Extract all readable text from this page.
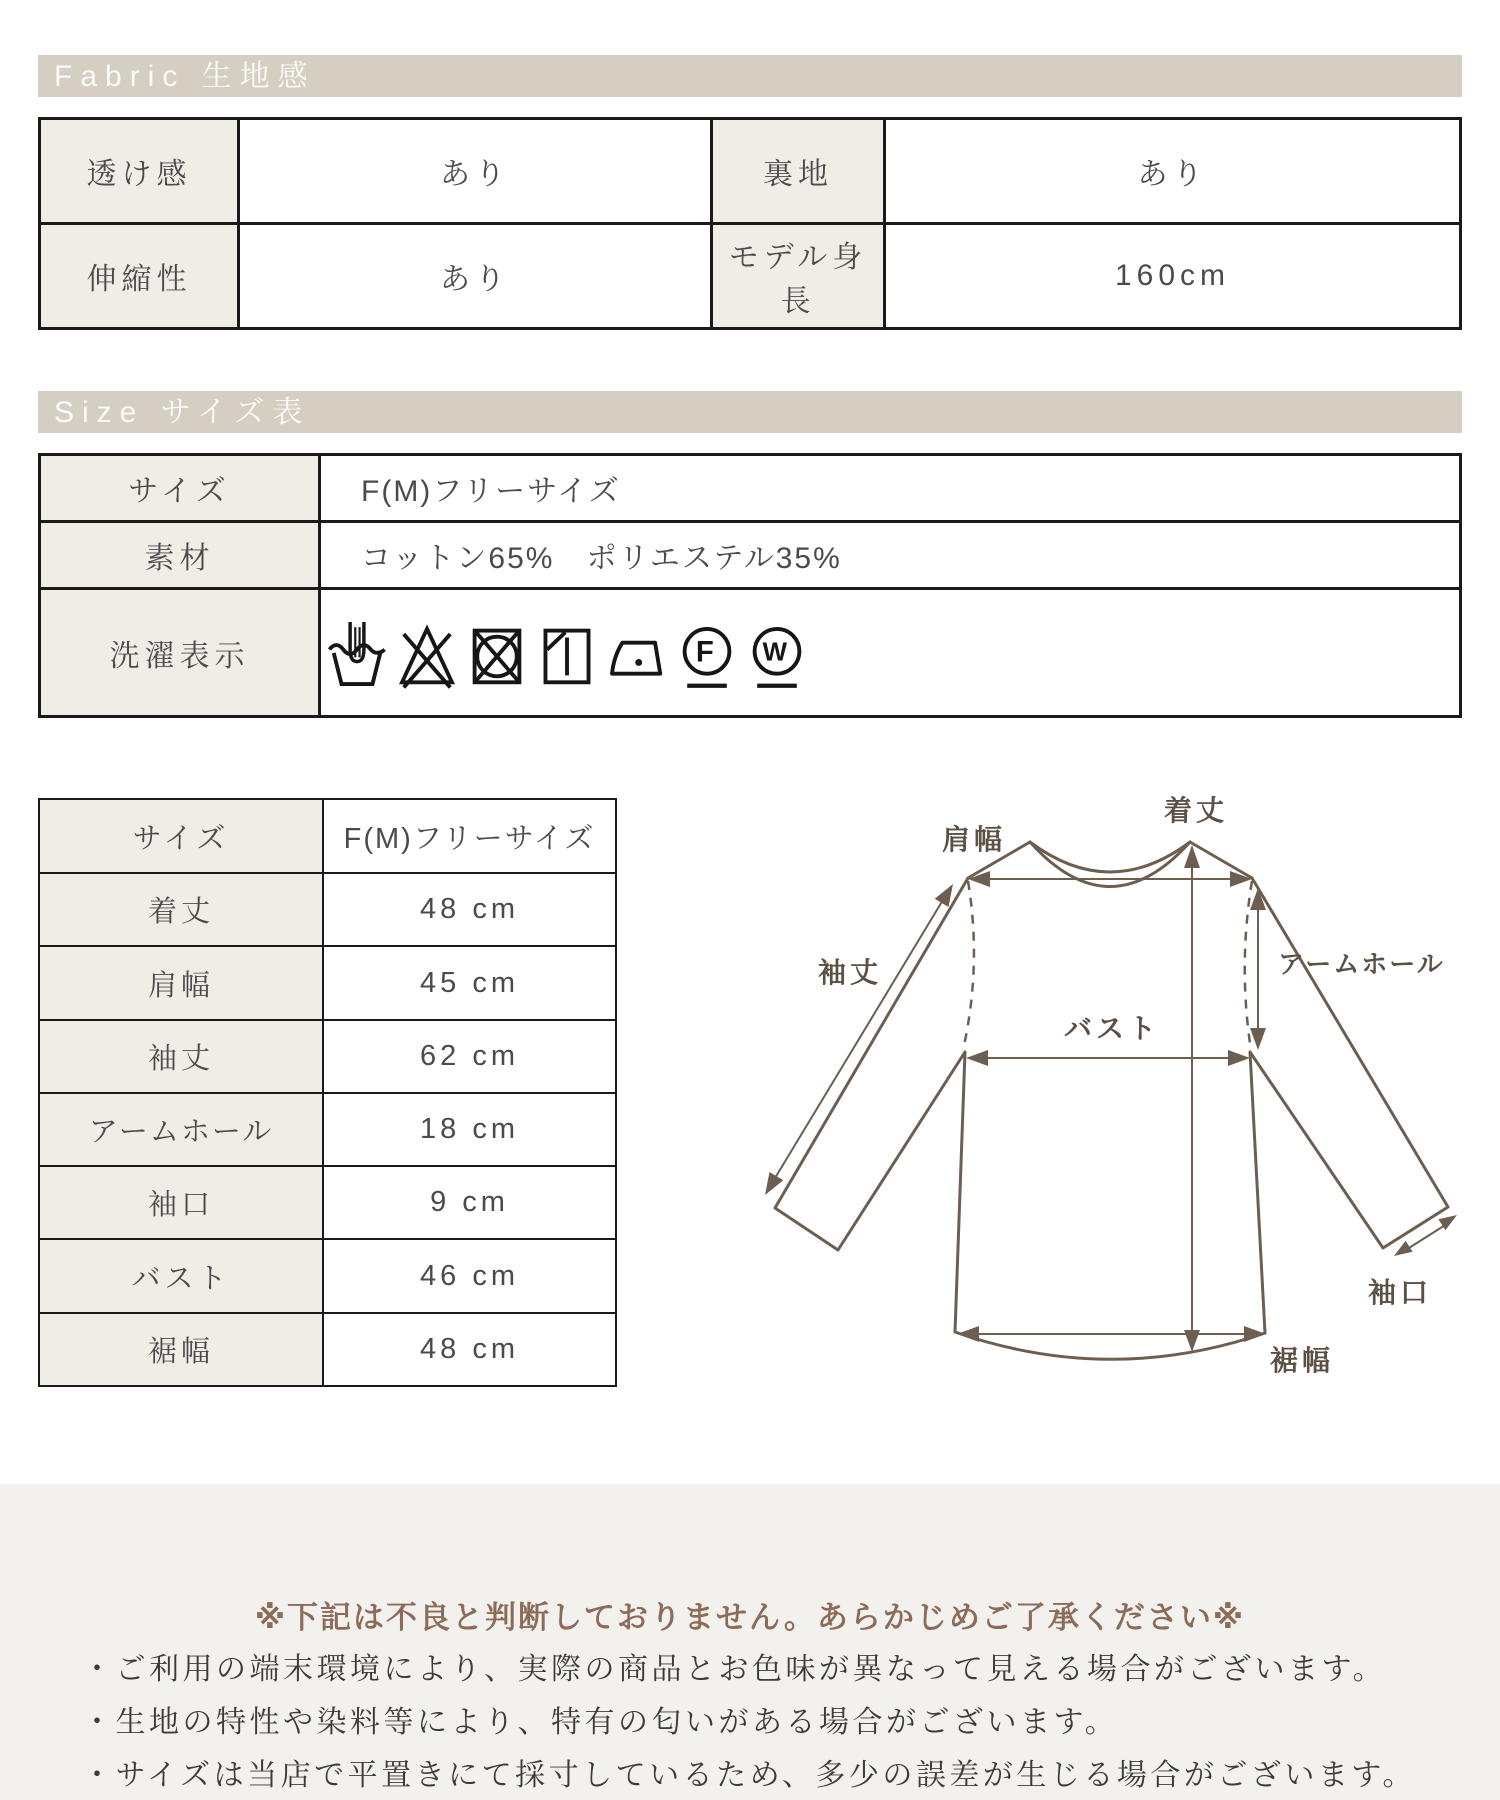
Fabric 生地感
透け感	あり	裏地	あり
伸縮性	あり	モデル身長	160cm
Size サイズ表
サイズ	F(M)フリーサイズ
素材	コットン65%　ポリエステル35%
洗濯表示	F W
サイズ	F(M)フリーサイズ
着丈	48 cm
肩幅	45 cm
袖丈	62 cm
アームホール	18 cm
袖口	9 cm
バスト	46 cm
裾幅	48 cm
着丈
肩幅
袖丈	アームホール
バスト
袖口
裾幅
※下記は不良と判断しておりません。あらかじめご了承ください※
・ご利用の端末環境により、実際の商品とお色味が異なって見える場合がございます。
・生地の特性や染料等により、特有の匂いがある場合がございます。
・サイズは当店で平置きにて採寸しているため、多少の誤差が生じる場合がございます。
